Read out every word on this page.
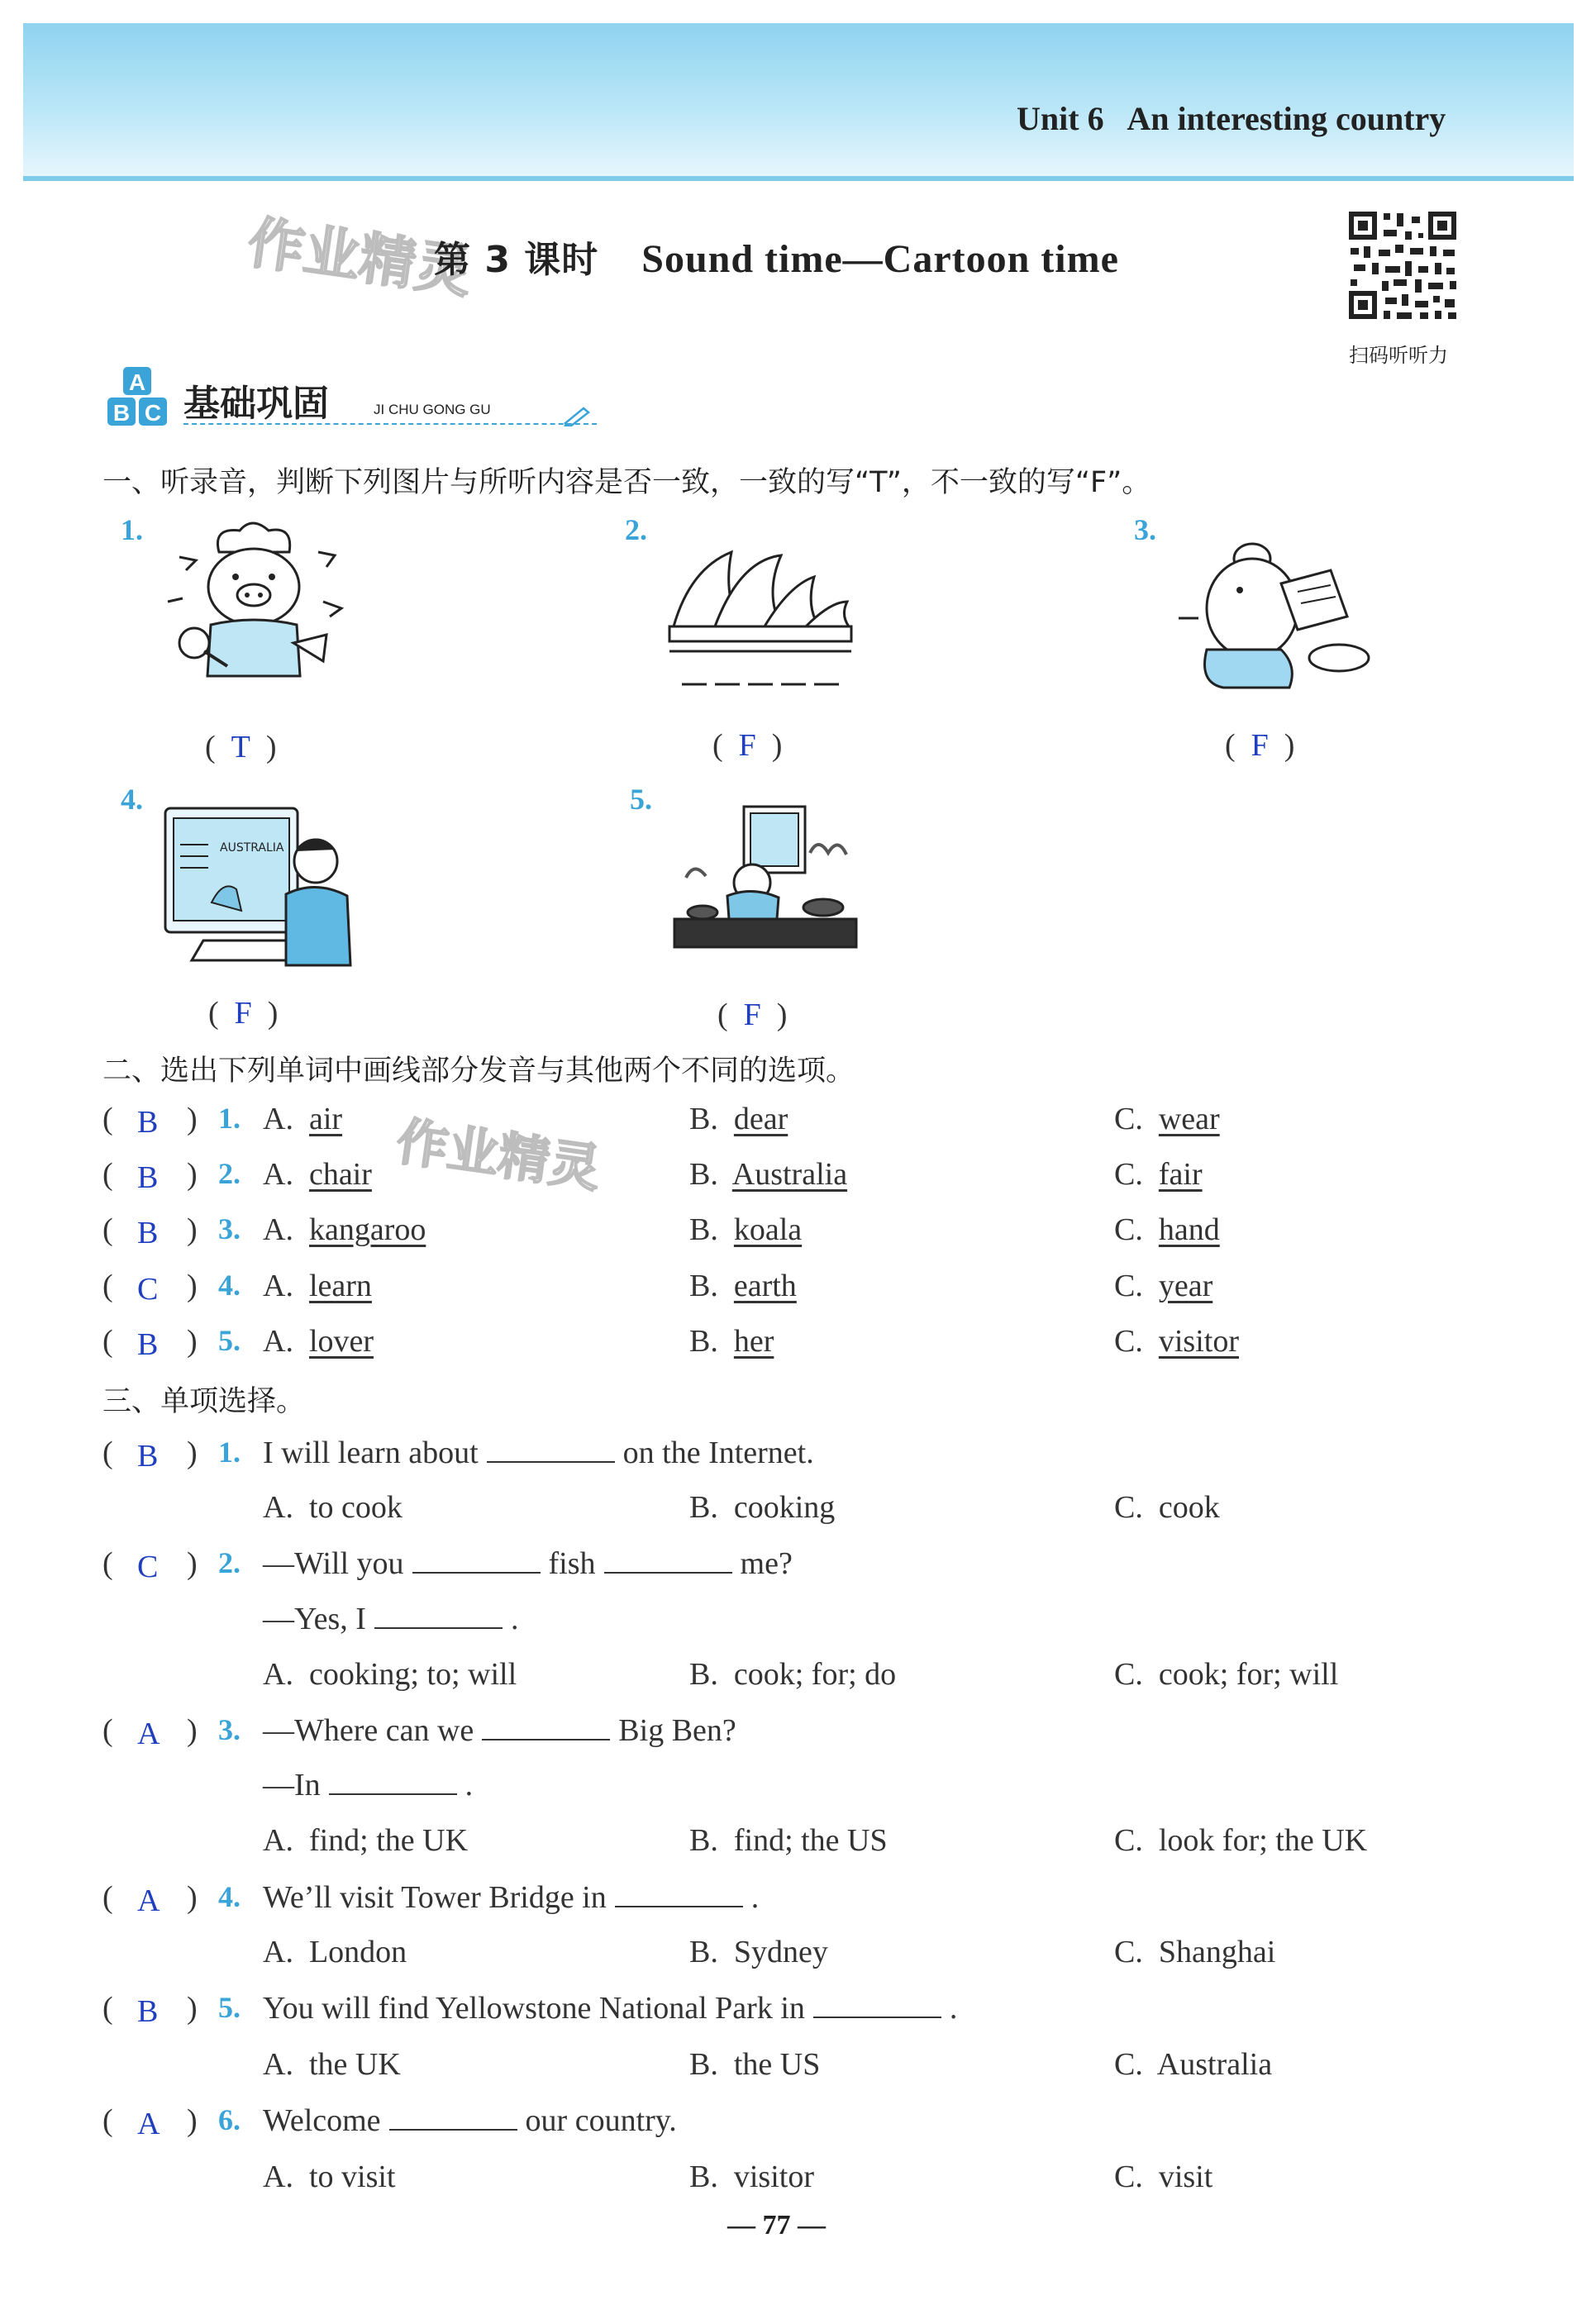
Unit 6 An interesting country
作业精灵
第 3 课时 Sound time—Cartoon time
扫码听听力
A
B C 基础巩固	JI CHU GONG GU
一、听录音，判断下列图片与所听内容是否一致，一致的写“T”，不一致的写“F”。
1.
(  T  )
2.
(  F  )
3.
(  F  )
4.
AUSTRALIA
(  F  )
5.
(  F  )
二、选出下列单词中画线部分发音与其他两个不同的选项。
作业精灵
( B ) 1. A. air	B. dear	C. wear
( B ) 2. A. chair	B. Australia	C. fair
( B ) 3. A. kangaroo	B. koala	C. hand
( C ) 4. A. learn	B. earth	C. year
( B ) 5. A. lover	B. her	C. visitor
三、单项选择。
( B ) 1. I will learn about	on the Internet.
A. to cook	B. cooking	C. cook
( C ) 2. —Will you	fish	me?
—Yes, I	.
A. cooking; to; will	B. cook; for; do	C. cook; for; will
( A ) 3. —Where can we	Big Ben?
—In	.
A. find; the UK	B. find; the US	C. look for; the UK
( A ) 4. We’ll visit Tower Bridge in	.
A. London	B. Sydney	C. Shanghai
( B ) 5. You will find Yellowstone National Park in	.
A. the UK	B. the US	C. Australia
( A ) 6. Welcome	our country.
A. to visit	B. visitor	C. visit
— 77 —
